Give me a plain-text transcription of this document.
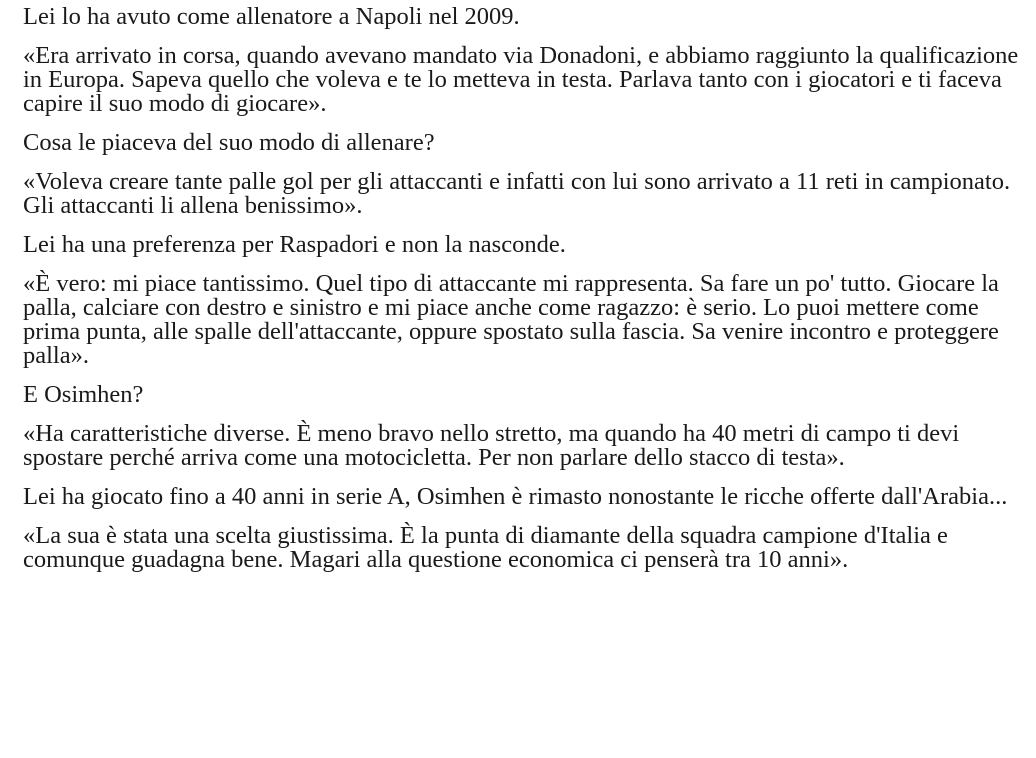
Lei lo ha avuto come allenatore a Napoli nel 2009.

«Era arrivato in corsa, quando avevano mandato via Donadoni, e abbiamo raggiunto la qualificazione in Europa. Sapeva quello che voleva e te lo metteva in testa. Parlava tanto con i giocatori e ti faceva capire il suo modo di giocare».

Cosa le piaceva del suo modo di allenare?

«Voleva creare tante palle gol per gli attaccanti e infatti con lui sono arrivato a 11 reti in campionato. Gli attaccanti li allena benissimo».

Lei ha una preferenza per Raspadori e non la nasconde.

«È vero: mi piace tantissimo. Quel tipo di attaccante mi rappresenta. Sa fare un po' tutto. Giocare la palla, calciare con destro e sinistro e mi piace anche come ragazzo: è serio. Lo puoi mettere come prima punta, alle spalle dell'attaccante, oppure spostato sulla fascia. Sa venire incontro e proteggere palla».

E Osimhen?

«Ha caratteristiche diverse. È meno bravo nello stretto, ma quando ha 40 metri di campo ti devi spostare perché arriva come una motocicletta. Per non parlare dello stacco di testa».

Lei ha giocato fino a 40 anni in serie A, Osimhen è rimasto nonostante le ricche offerte dall'Arabia...

«La sua è stata una scelta giustissima. È la punta di diamante della squadra campione d'Italia e comunque guadagna bene. Magari alla questione economica ci penserà tra 10 anni».
